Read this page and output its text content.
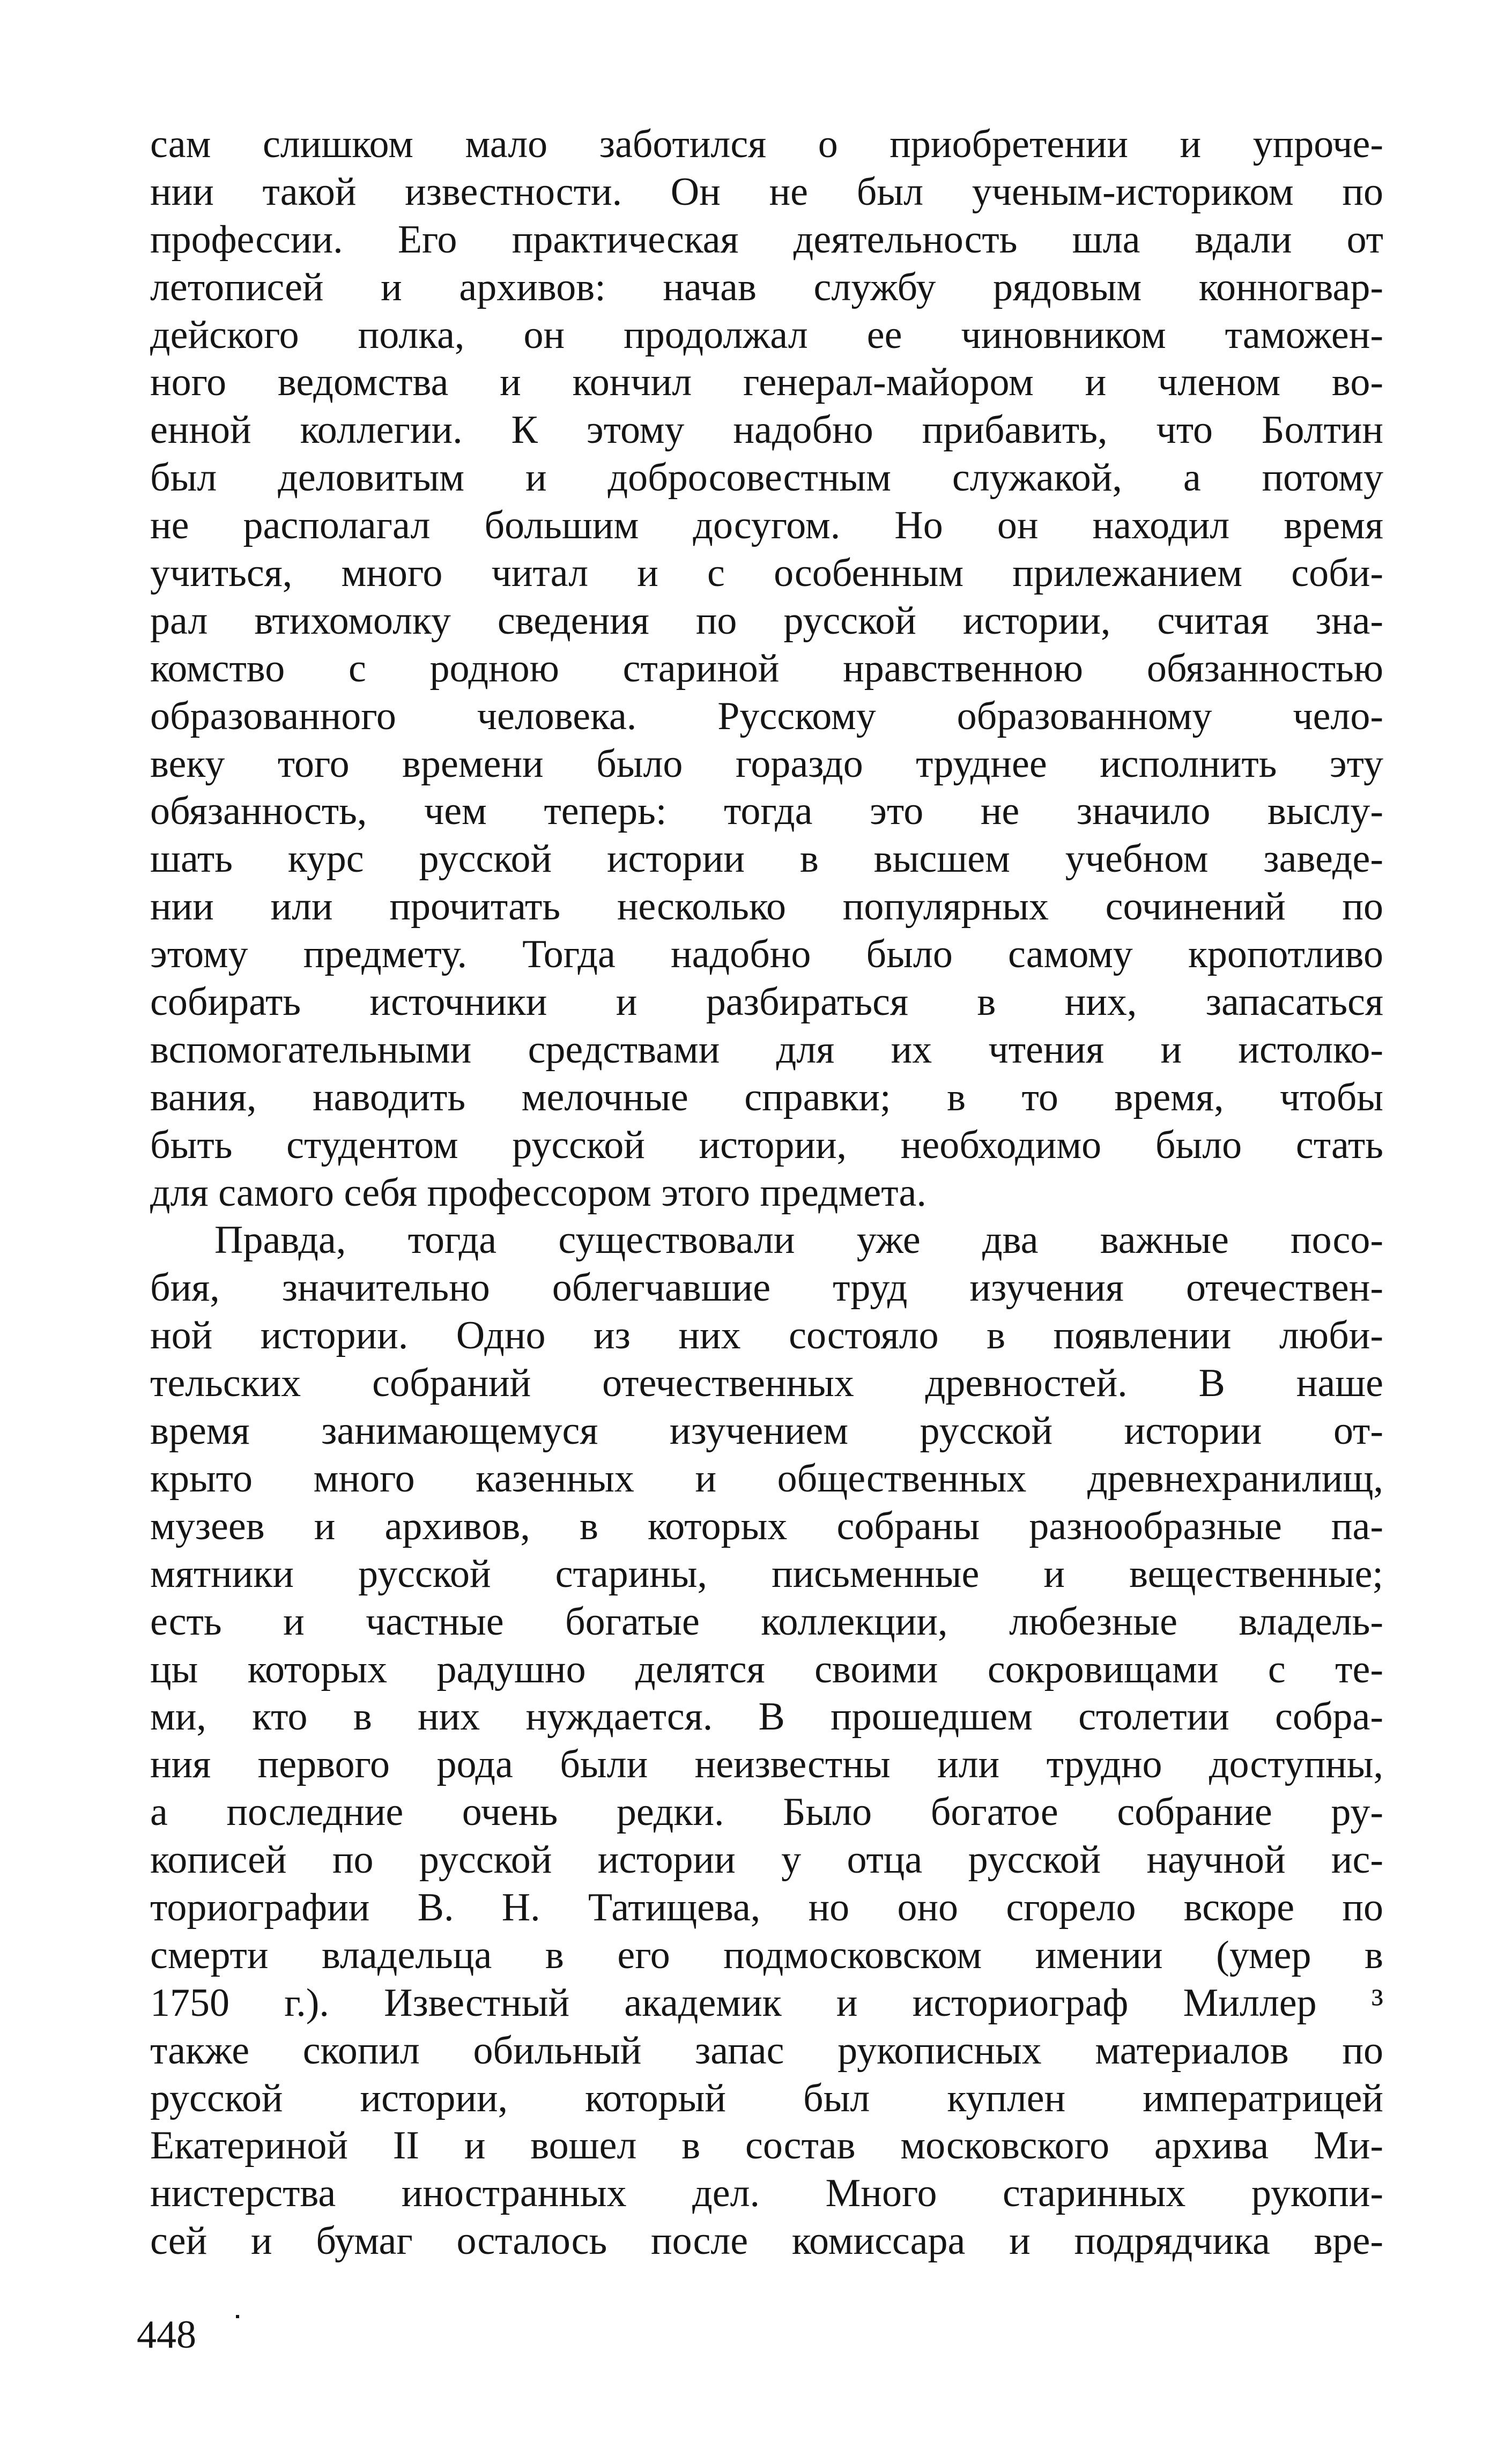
сам слишком мало заботился о приобретении и упроче-
нии такой известности. Он не был ученым-историком по
профессии. Его практическая деятельность шла вдали от
летописей и архивов: начав службу рядовым конногвар-
дейского полка, он продолжал ее чиновником таможен-
ного ведомства и кончил генерал-майором и членом во-
енной коллегии. К этому надобно прибавить, что Болтин
был деловитым и добросовестным служакой, а потому
не располагал большим досугом. Но он находил время
учиться, много читал и с особенным прилежанием соби-
рал втихомолку сведения по русской истории, считая зна-
комство с родною стариной нравственною обязанностью
образованного человека. Русскому образованному чело-
веку того времени было гораздо труднее исполнить эту
обязанность, чем теперь: тогда это не значило выслу-
шать курс русской истории в высшем учебном заведе-
нии или прочитать несколько популярных сочинений по
этому предмету. Тогда надобно было самому кропотливо
собирать источники и разбираться в них, запасаться
вспомогательными средствами для их чтения и истолко-
вания, наводить мелочные справки; в то время, чтобы
быть студентом русской истории, необходимо было стать
для самого себя профессором этого предмета.
Правда, тогда существовали уже два важные посо-
бия, значительно облегчавшие труд изучения отечествен-
ной истории. Одно из них состояло в появлении люби-
тельских собраний отечественных древностей. В наше
время занимающемуся изучением русской истории от-
крыто много казенных и общественных древнехранилищ,
музеев и архивов, в которых собраны разнообразные па-
мятники русской старины, письменные и вещественные;
есть и частные богатые коллекции, любезные владель-
цы которых радушно делятся своими сокровищами с те-
ми, кто в них нуждается. В прошедшем столетии собра-
ния первого рода были неизвестны или трудно доступны,
а последние очень редки. Было богатое собрание ру-
кописей по русской истории у отца русской научной ис-
ториографии В. Н. Татищева, но оно сгорело вскоре по
смерти владельца в его подмосковском имении (умер в
1750 г.). Известный академик и историограф Миллер ³
также скопил обильный запас рукописных материалов по
русской истории, который был куплен императрицей
Екатериной II и вошел в состав московского архива Ми-
нистерства иностранных дел. Много старинных рукопи-
сей и бумаг осталось после комиссара и подрядчика вре-
448
